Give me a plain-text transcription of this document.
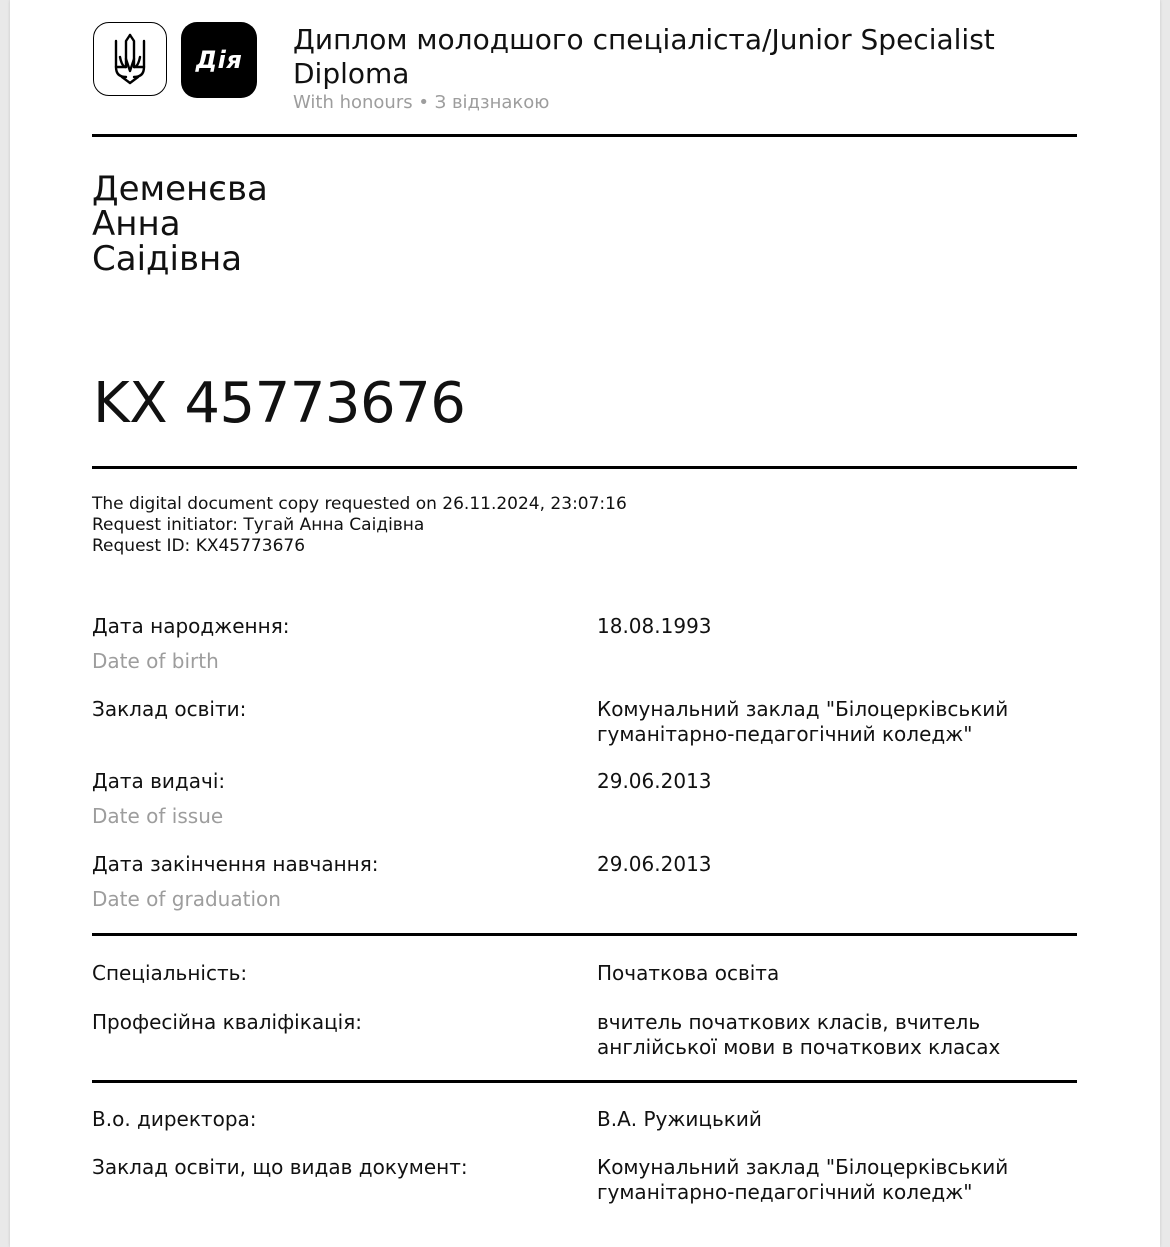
Дія
Диплом молодшого спеціаліста/Junior Specialist Diploma
With honours • З відзнакою
Деменєва
Анна
Саідівна
KX 45773676
The digital document copy requested on 26.11.2024, 23:07:16
Request initiator: Тугай Анна Саідівна
Request ID: KX45773676
Дата народження:
Date of birth
18.08.1993
Заклад освіти:	Комунальний заклад "Білоцерківський
гуманітарно-педагогічний коледж"
Дата видачі:
Date of issue
29.06.2013
Дата закінчення навчання:
Date of graduation
29.06.2013
Спеціальність:	Початкова освіта
Професійна кваліфікація:	вчитель початкових класів, вчитель
англійської мови в початкових класах
В.о. директора:	В.А. Ружицький
Заклад освіти, що видав документ:	Комунальний заклад "Білоцерківський
гуманітарно-педагогічний коледж"
